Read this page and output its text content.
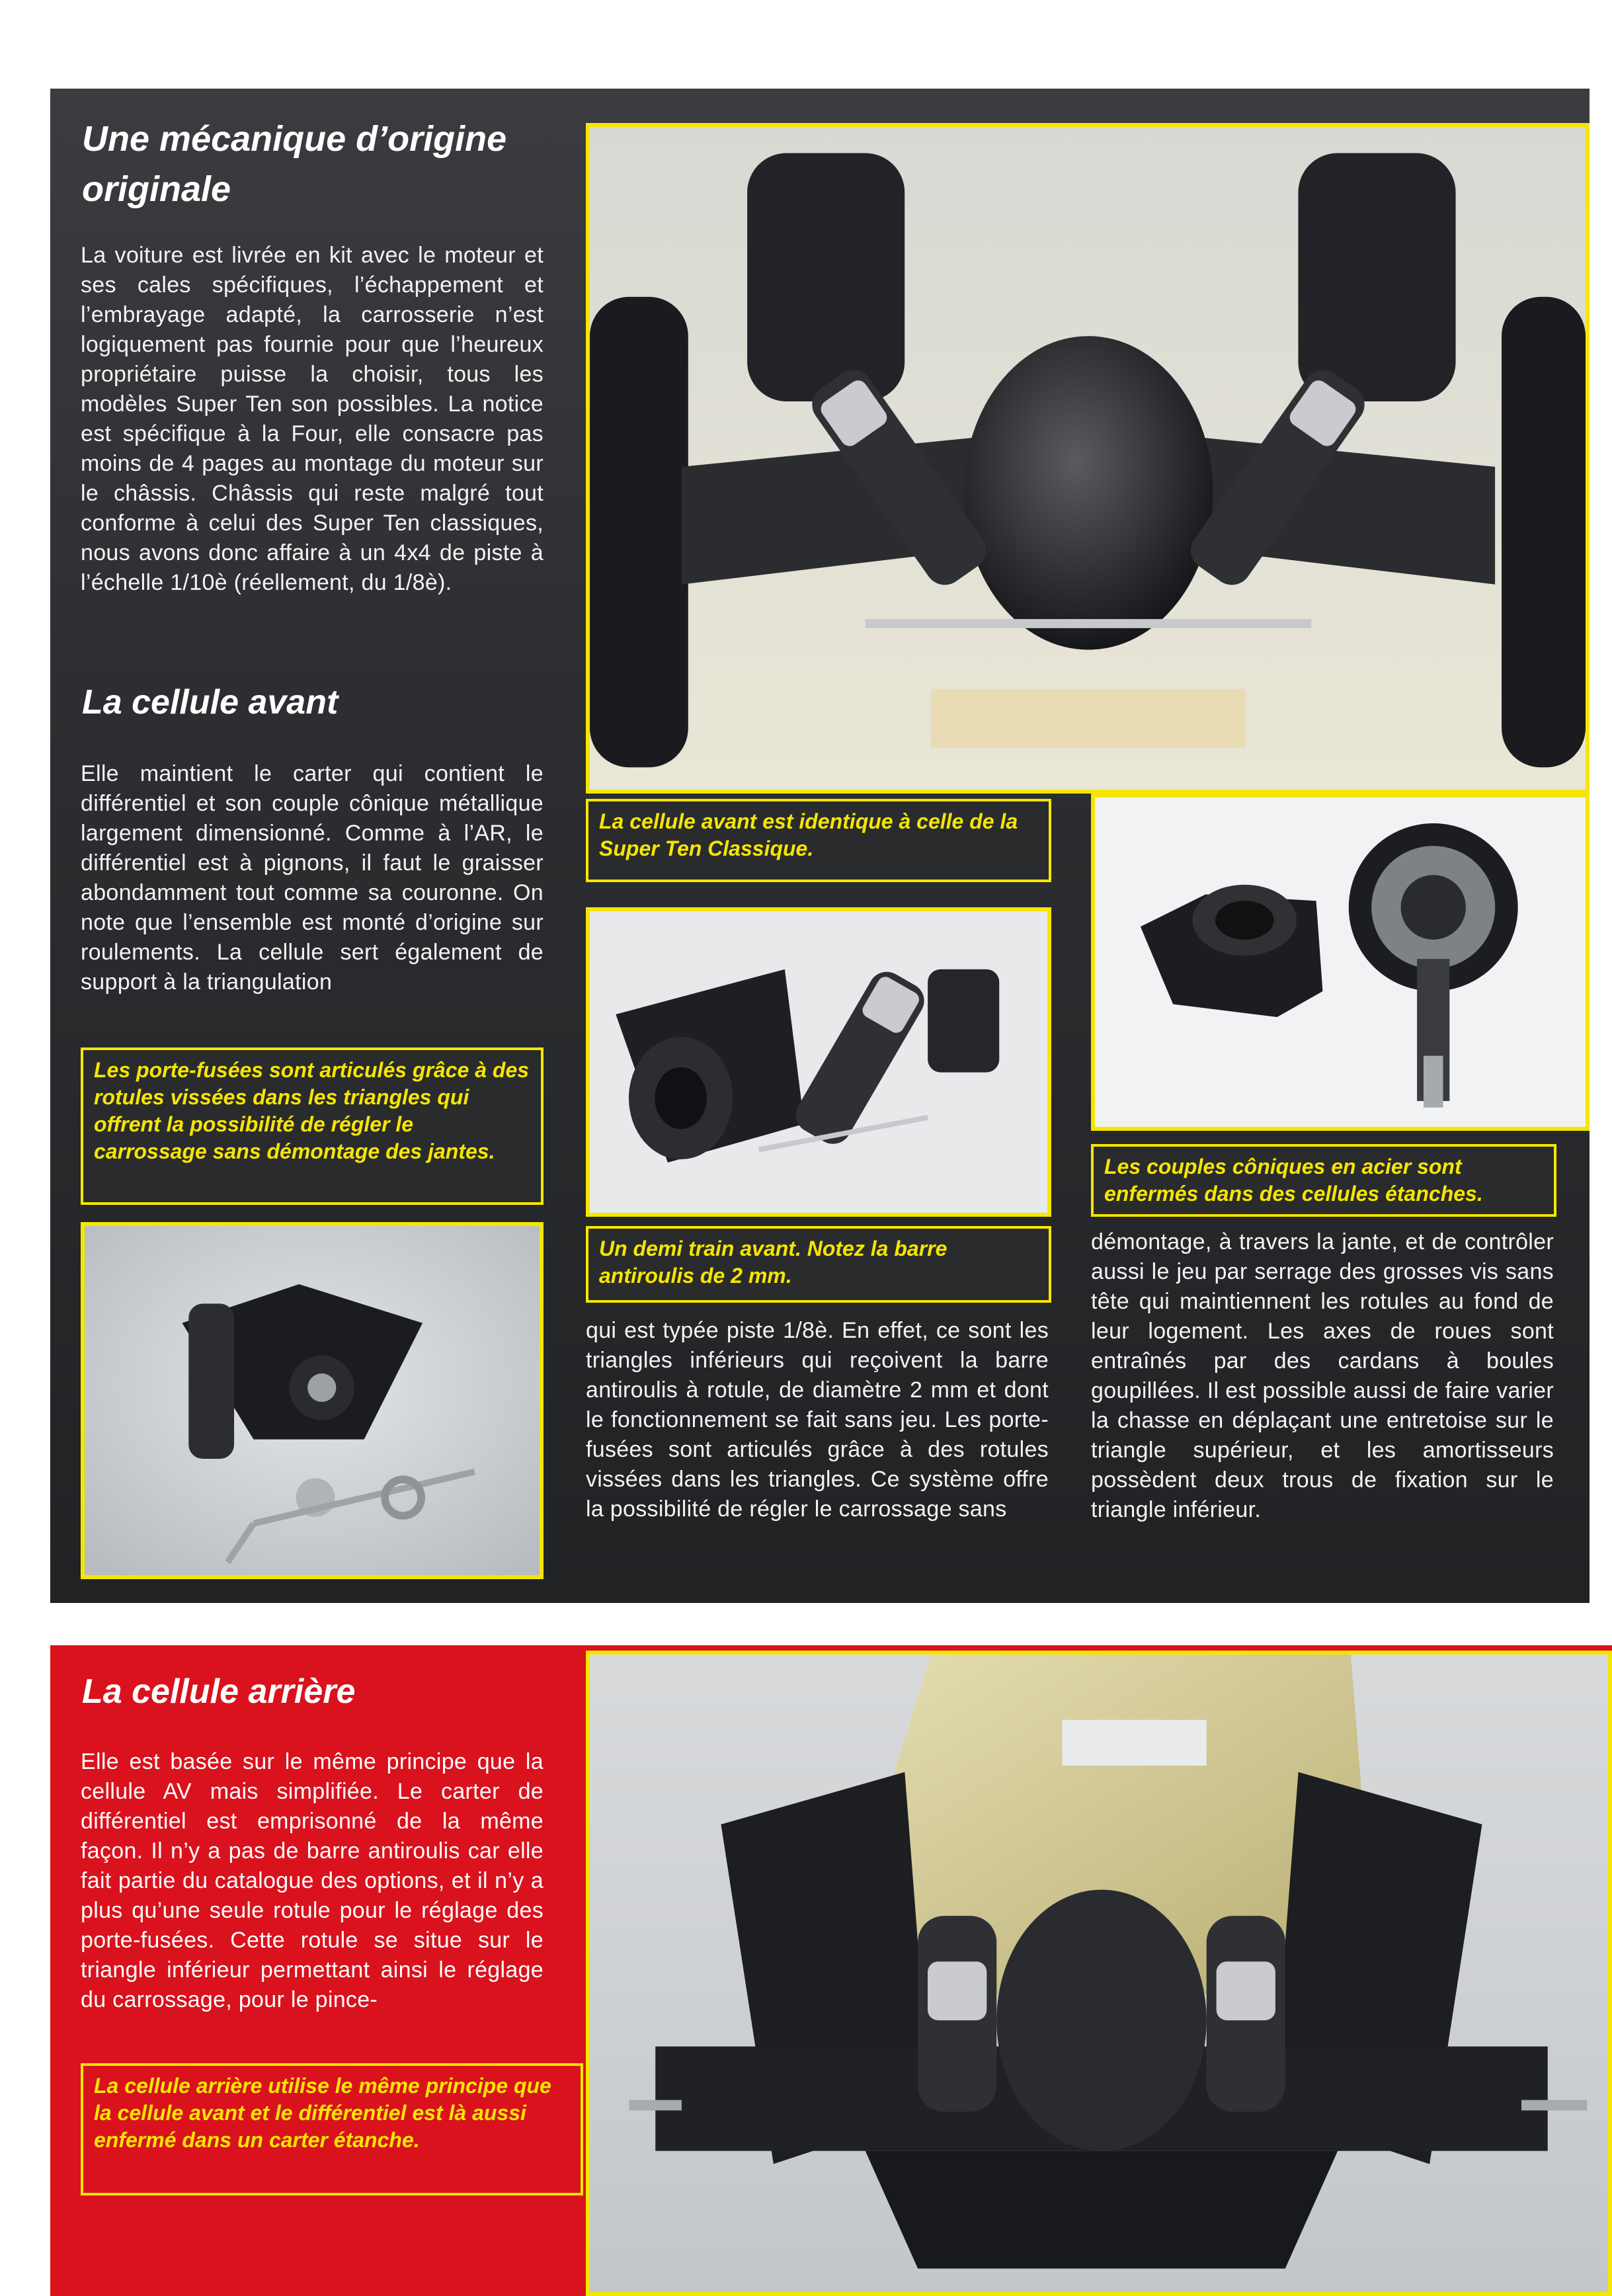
Une mécanique d’origine originale

La voiture est livrée en kit avec le moteur et ses cales spécifiques, l’échappement et l’embrayage adapté, la carrosserie n’est logiquement pas fournie pour que l’heureux propriétaire puisse la choisir, tous les modèles Super Ten son possibles. La notice est spécifique à la Four, elle consacre pas moins de 4 pages au montage du moteur sur le châssis. Châssis qui reste malgré tout conforme à celui des Super Ten classiques, nous avons donc affaire à un 4x4 de piste à l’échelle 1/10è (réellement, du 1/8è).

La cellule avant

Elle maintient le carter qui contient le différentiel et son couple cônique métallique largement dimensionné. Comme à l’AR, le différentiel est à pignons, il faut le graisser abondamment tout comme sa couronne. On note que l’ensemble est monté d’origine sur roulements. La cellule sert également de support à la triangulation

Les porte-fusées sont articulés grâce à des rotules vissées dans les triangles qui offrent la possibilité de régler le carrossage sans démontage des jantes.
La cellule avant est identique à celle de la Super Ten Classique.
Les couples côniques en acier sont enfermés dans des cellules étanches.
Un demi train avant. Notez la barre antiroulis de 2 mm.

qui est typée piste 1/8è. En effet, ce sont les triangles inférieurs qui reçoivent la barre antiroulis à rotule, de diamètre 2 mm et dont le fonctionnement se fait sans jeu. Les porte-fusées sont articulés grâce à des rotules vissées dans les triangles. Ce système offre la possibilité de régler le carrossage sans

démontage, à travers la jante, et de contrôler aussi le jeu par serrage des grosses vis sans tête qui maintiennent les rotules au fond de leur logement. Les axes de roues sont entraînés par des cardans à boules goupillées. Il est possible aussi de faire varier la chasse en déplaçant une entretoise sur le triangle supérieur, et les amortisseurs possèdent deux trous de fixation sur le triangle inférieur.

La cellule arrière

Elle est basée sur le même principe que la cellule AV mais simplifiée. Le carter de différentiel est emprisonné de la même façon. Il n’y a pas de barre antiroulis car elle fait partie du catalogue des options, et il n’y a plus qu’une seule rotule pour le réglage des porte-fusées. Cette rotule se situe sur le triangle inférieur permettant ainsi le réglage du carrossage, pour le pince-

La cellule arrière utilise le même principe que la cellule avant et le différentiel est là aussi enfermé dans un carter étanche.
